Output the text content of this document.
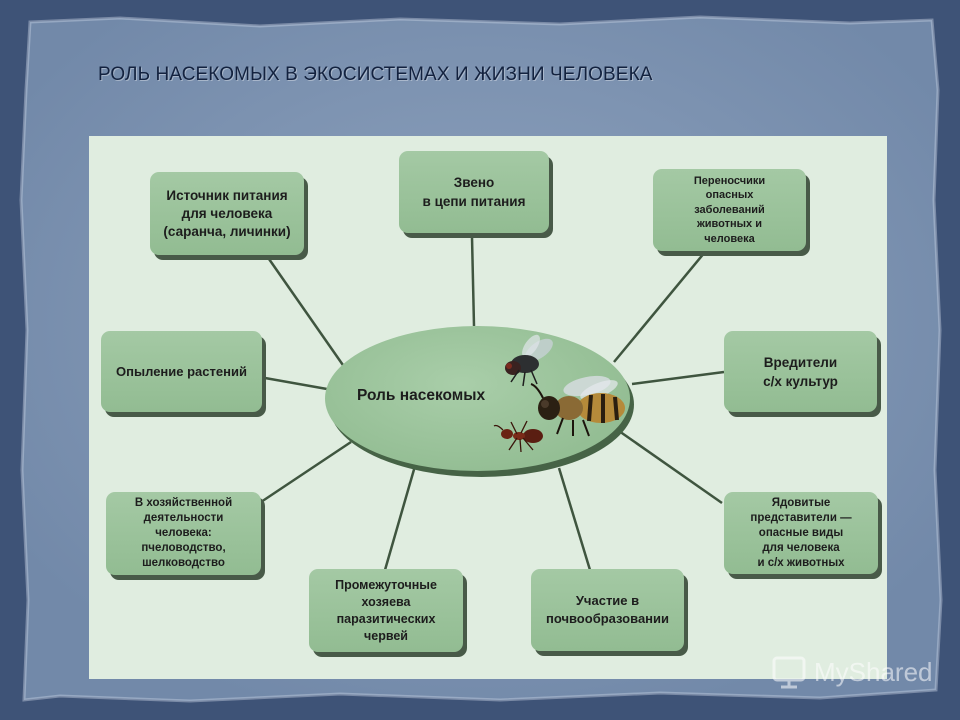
РОЛЬ НАСЕКОМЫХ В ЭКОСИСТЕМАХ И ЖИЗНИ ЧЕЛОВЕКА
Источник питания
для человека
(саранча, личинки)
Звено
в цепи питания
Переносчики
опасных
заболеваний
животных и
человека
Опыление растений
Вредители
с/х культур
В хозяйственной
деятельности
человека:
пчеловодство,
шелководство
Ядовитые
представители —
опасные виды
для человека
и с/х животных
Промежуточные
хозяева
паразитических
червей
Участие в
почвообразовании
Роль насекомых
MyShared
